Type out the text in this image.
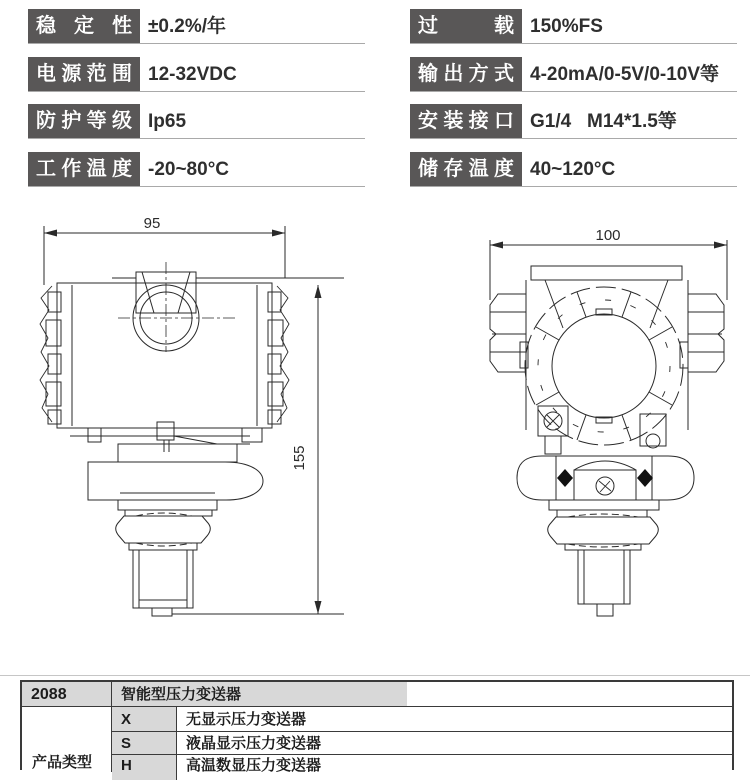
稳 定 性 ±0.2%/年
电源范围 12-32VDC
防护等级 Ip65
工作温度 -20~80°C
过 载 150%FS
输出方式 4-20mA/0-5V/0-10V等
安装接口 G1/4   M14*1.5等
储存温度 40~120°C
95
155
100
2088	智能型压力变送器
产品类型
X	无显示压力变送器
S	液晶显示压力变送器
H	高温数显压力变送器
